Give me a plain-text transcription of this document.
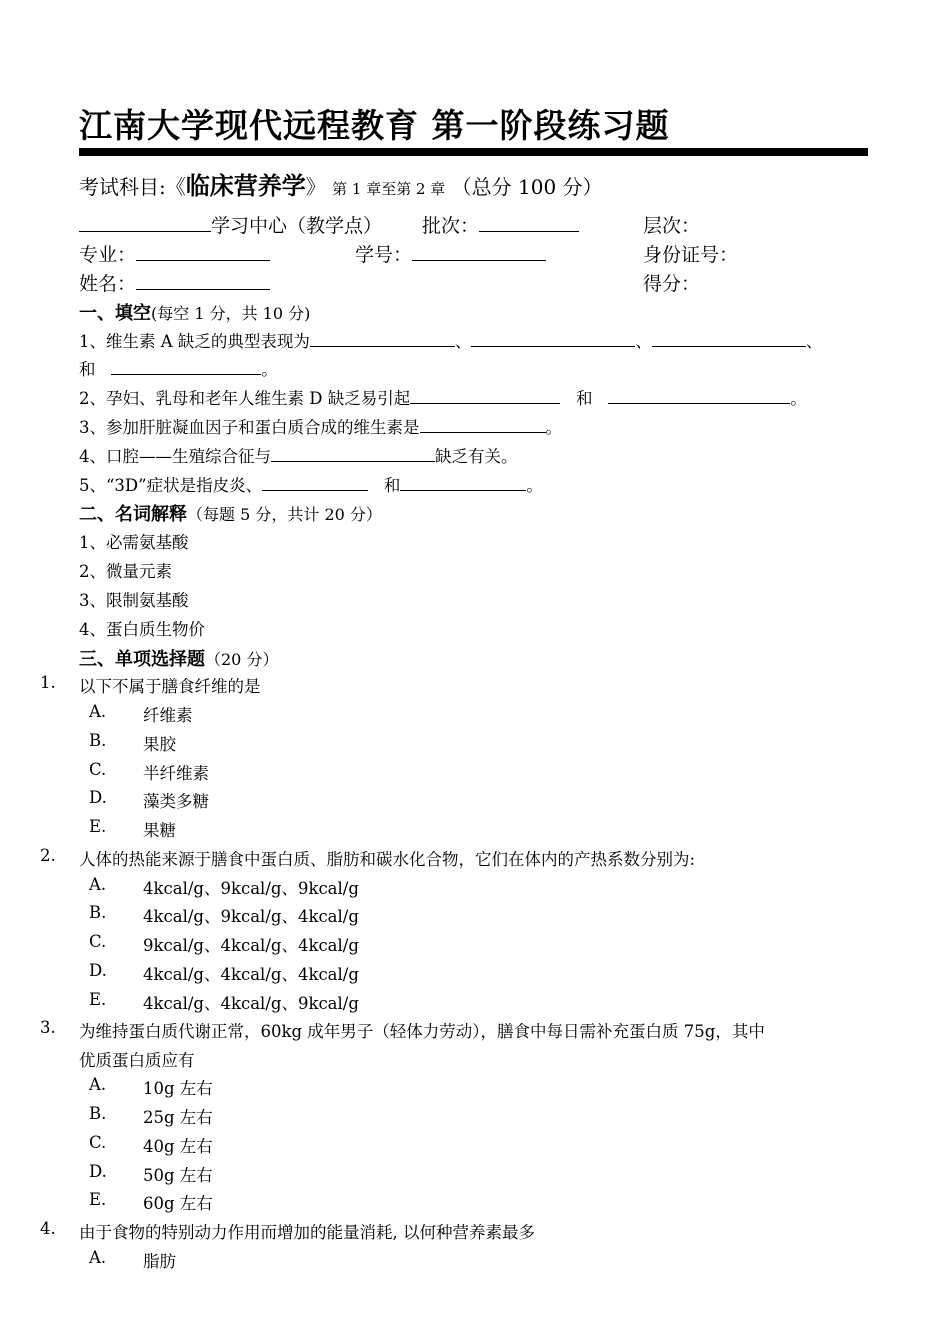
江南大学现代远程教育 第一阶段练习题
考试科目:《临床营养学》 第 1 章至第 2 章 （总分 100 分）
学习中心（教学点） 批次：	层次：
专业：	学号：	身份证号：
姓名：	得分：
一、填空(每空 1 分，共 10 分)
1、维生素 A 缺乏的典型表现为	、	、	、
和	。
2、孕妇、乳母和老年人维生素 D 缺乏易引起	和	。
3、参加肝脏凝血因子和蛋白质合成的维生素是	。
4、口腔——生殖综合征与	缺乏有关。
5、“3D”症状是指皮炎、	和	。
二、名词解释（每题 5 分，共计 20 分）
1、必需氨基酸
2、微量元素
3、限制氨基酸
4、蛋白质生物价
三、单项选择题（20 分）
1. 以下不属于膳食纤维的是
A. 纤维素
B. 果胶
C. 半纤维素
D. 藻类多糖
E. 果糖
2. 人体的热能来源于膳食中蛋白质、脂肪和碳水化合物，它们在体内的产热系数分别为:
A. 4kcal/g、9kcal/g、9kcal/g
B. 4kcal/g、9kcal/g、4kcal/g
C. 9kcal/g、4kcal/g、4kcal/g
D. 4kcal/g、4kcal/g、4kcal/g
E. 4kcal/g、4kcal/g、9kcal/g
3. 为维持蛋白质代谢正常，60kg 成年男子（轻体力劳动），膳食中每日需补充蛋白质 75g，其中
优质蛋白质应有
A. 10g 左右
B. 25g 左右
C. 40g 左右
D. 50g 左右
E. 60g 左右
4. 由于食物的特别动力作用而增加的能量消耗, 以何种营养素最多
A. 脂肪
